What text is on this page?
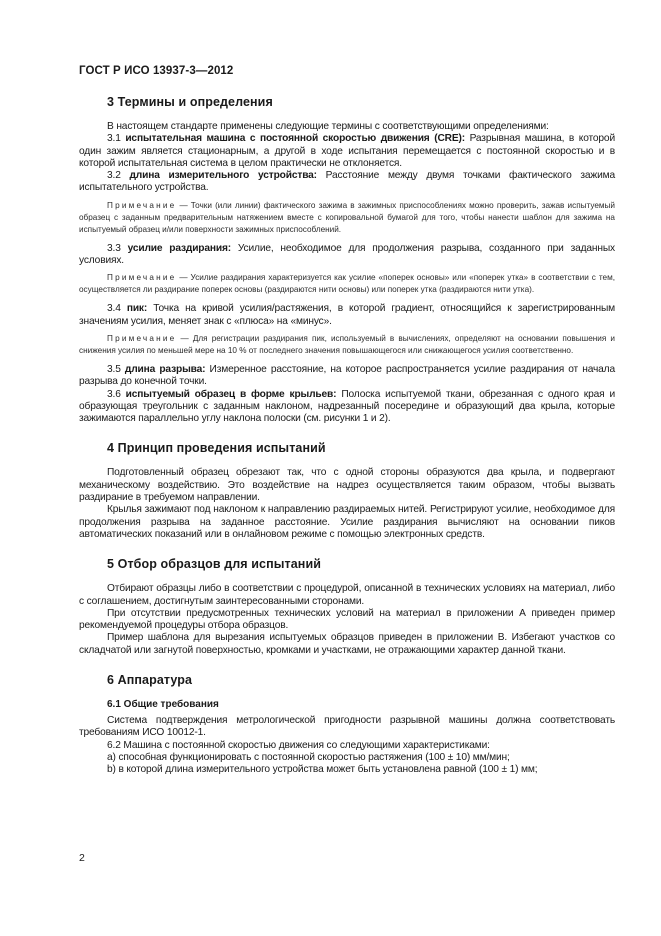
ГОСТ Р ИСО 13937-3—2012
3 Термины и определения

В настоящем стандарте применены следующие термины с соответствующими определениями:

3.1 испытательная машина с постоянной скоростью движения (CRE): Разрывная машина, в которой один зажим является стационарным, а другой в ходе испытания перемещается с постоянной скоростью и в которой испытательная система в целом практически не отклоняется.

3.2 длина измерительного устройства: Расстояние между двумя точками фактического зажима испытательного устройства.

Примечание — Точки (или линии) фактического зажима в зажимных приспособлениях можно проверить, зажав испытуемый образец с заданным предварительным натяжением вместе с копировальной бумагой для того, чтобы нанести шаблон для зажима на испытуемый образец и/или поверхности зажимных приспособлений.

3.3 усилие раздирания: Усилие, необходимое для продолжения разрыва, созданного при заданных условиях.

Примечание — Усилие раздирания характеризуется как усилие «поперек основы» или «поперек утка» в соответствии с тем, осуществляется ли раздирание поперек основы (раздираются нити основы) или поперек утка (раздираются нити утка).

3.4 пик: Точка на кривой усилия/растяжения, в которой градиент, относящийся к зарегистрированным значениям усилия, меняет знак с «плюса» на «минус».

Примечание — Для регистрации раздирания пик, используемый в вычислениях, определяют на основании повышения и снижения усилия по меньшей мере на 10 % от последнего значения повышающегося или снижающегося усилия соответственно.

3.5 длина разрыва: Измеренное расстояние, на которое распространяется усилие раздирания от начала разрыва до конечной точки.

3.6 испытуемый образец в форме крыльев: Полоска испытуемой ткани, обрезанная с одного края и образующая треугольник с заданным наклоном, надрезанный посередине и образующий два крыла, которые зажимаются параллельно углу наклона полоски (см. рисунки 1 и 2).

4 Принцип проведения испытаний

Подготовленный образец обрезают так, что с одной стороны образуются два крыла, и подвергают механическому воздействию. Это воздействие на надрез осуществляется таким образом, чтобы вызвать раздирание в требуемом направлении.

Крылья зажимают под наклоном к направлению раздираемых нитей. Регистрируют усилие, необходимое для продолжения разрыва на заданное расстояние. Усилие раздирания вычисляют на основании пиков автоматических показаний или в онлайновом режиме с помощью электронных средств.

5 Отбор образцов для испытаний

Отбирают образцы либо в соответствии с процедурой, описанной в технических условиях на материал, либо с соглашением, достигнутым заинтересованными сторонами.

При отсутствии предусмотренных технических условий на материал в приложении А приведен пример рекомендуемой процедуры отбора образцов.

Пример шаблона для вырезания испытуемых образцов приведен в приложении В. Избегают участков со складчатой или загнутой поверхностью, кромками и участками, не отражающими характер данной ткани.

6 Аппаратура
6.1 Общие требования

Система подтверждения метрологической пригодности разрывной машины должна соответствовать требованиям ИСО 10012-1.

6.2 Машина с постоянной скоростью движения со следующими характеристиками:

а) способная функционировать с постоянной скоростью растяжения (100 ± 10) мм/мин;

b) в которой длина измерительного устройства может быть установлена равной (100 ± 1) мм;

2
